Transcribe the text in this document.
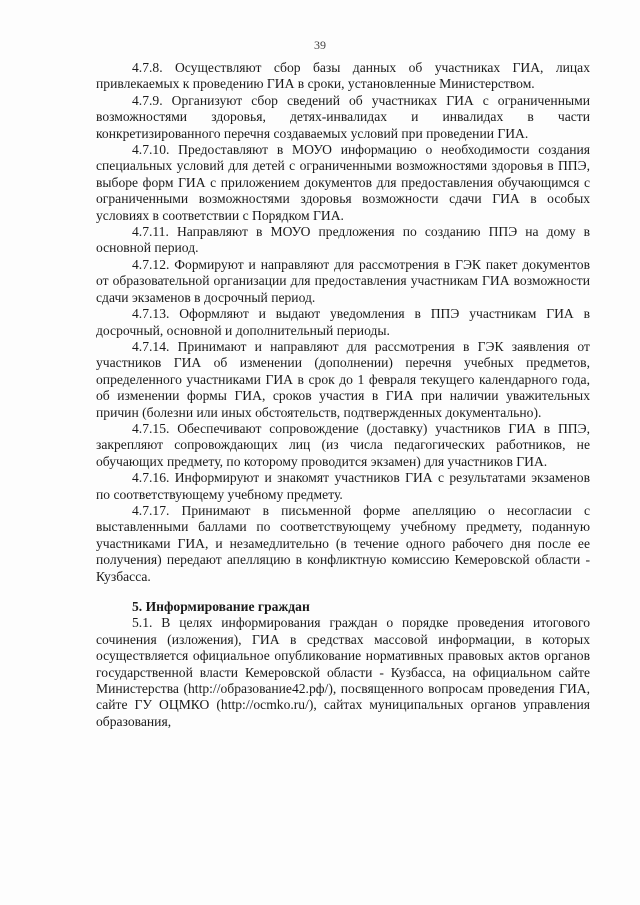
39

4.7.8. Осуществляют сбор базы данных об участниках ГИА, лицах привлекаемых к проведению ГИА в сроки, установленные Министерством.

4.7.9. Организуют сбор сведений об участниках ГИА с ограниченными возможностями здоровья, детях-инвалидах и инвалидах в части конкретизированного перечня создаваемых условий при проведении ГИА.

4.7.10. Предоставляют в МОУО информацию о необходимости создания специальных условий для детей с ограниченными возможностями здоровья в ППЭ, выборе форм ГИА с приложением документов для предоставления обучающимся с ограниченными возможностями здоровья возможности сдачи ГИА в особых условиях в соответствии с Порядком ГИА.

4.7.11. Направляют в МОУО предложения по созданию ППЭ на дому в основной период.

4.7.12. Формируют и направляют для рассмотрения в ГЭК пакет документов от образовательной организации для предоставления участникам ГИА возможности сдачи экзаменов в досрочный период.

4.7.13. Оформляют и выдают уведомления в ППЭ участникам ГИА в досрочный, основной и дополнительный периоды.

4.7.14. Принимают и направляют для рассмотрения в ГЭК заявления от участников ГИА об изменении (дополнении) перечня учебных предметов, определенного участниками ГИА в срок до 1 февраля текущего календарного года, об изменении формы ГИА, сроков участия в ГИА при наличии уважительных причин (болезни или иных обстоятельств, подтвержденных документально).

4.7.15. Обеспечивают сопровождение (доставку) участников ГИА в ППЭ, закрепляют сопровождающих лиц (из числа педагогических работников, не обучающих предмету, по которому проводится экзамен) для участников ГИА.

4.7.16. Информируют и знакомят участников ГИА с результатами экзаменов по соответствующему учебному предмету.

4.7.17. Принимают в письменной форме апелляцию о несогласии с выставленными баллами по соответствующему учебному предмету, поданную участниками ГИА, и незамедлительно (в течение одного рабочего дня после ее получения) передают апелляцию в конфликтную комиссию Кемеровской области - Кузбасса.

5. Информирование граждан

5.1. В целях информирования граждан о порядке проведения итогового сочинения (изложения), ГИА в средствах массовой информации, в которых осуществляется официальное опубликование нормативных правовых актов органов государственной власти Кемеровской области - Кузбасса, на официальном сайте Министерства (http://образование42.рф/), посвященного вопросам проведения ГИА, сайте ГУ ОЦМКО (http://ocmko.ru/), сайтах муниципальных органов управления образования,
